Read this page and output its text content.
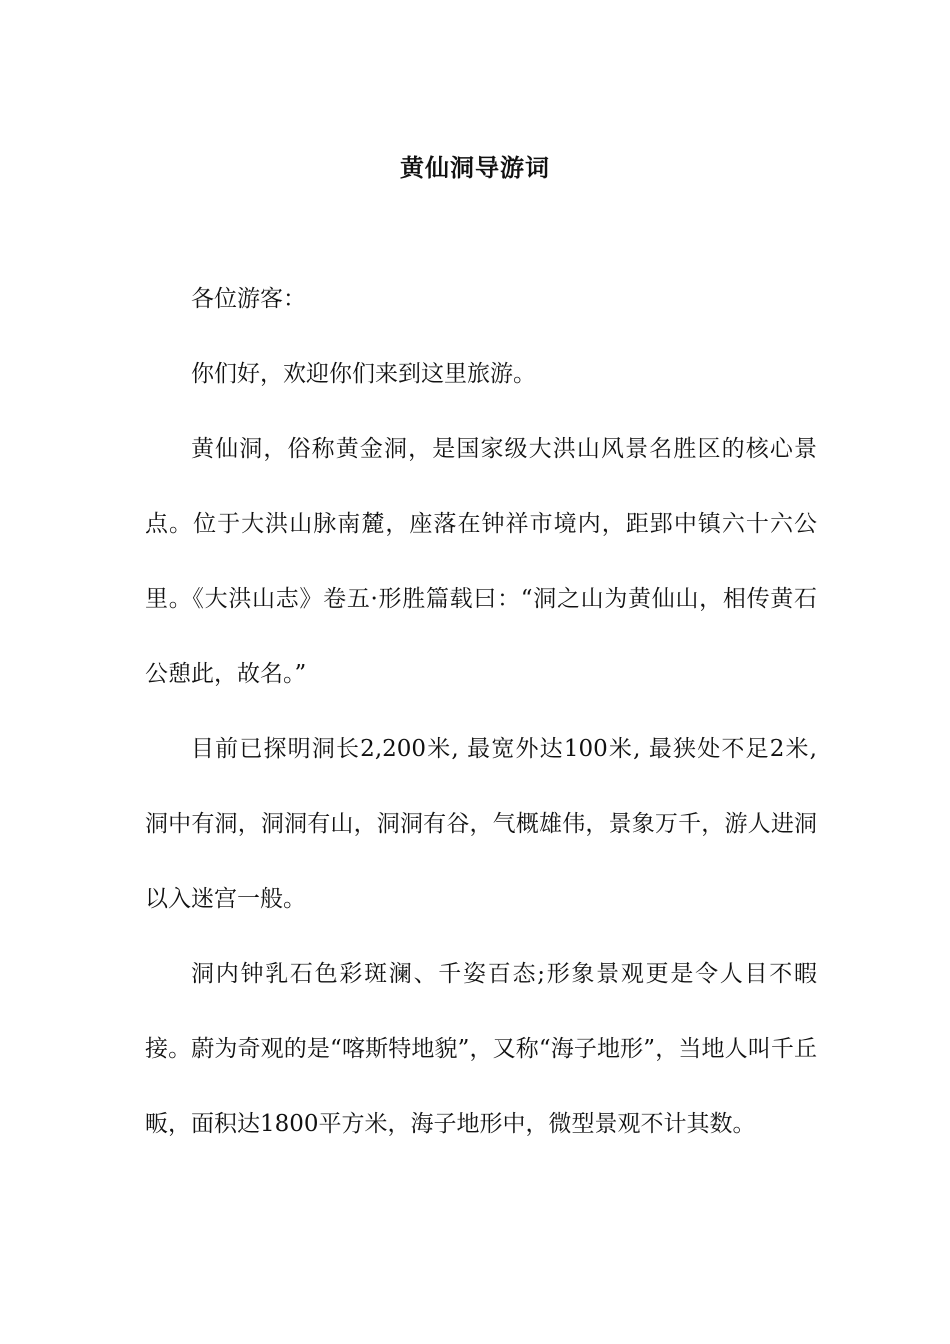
黄仙洞导游词

各位游客：

你们好，欢迎你们来到这里旅游。

黄仙洞，俗称黄金洞，是国家级大洪山风景名胜区的核心景点。位于大洪山脉南麓，座落在钟祥市境内，距郢中镇六十六公里。《大洪山志》卷五·形胜篇载曰：“洞之山为黄仙山，相传黄石公憩此，故名。”

目前已探明洞长2,200米, 最宽外达100米, 最狭处不足2米, 洞中有洞，洞洞有山，洞洞有谷，气概雄伟，景象万千，游人进洞以入迷宫一般。

洞内钟乳石色彩斑澜、千姿百态;形象景观更是令人目不暇接。蔚为奇观的是“喀斯特地貌”，又称“海子地形”，当地人叫千丘畈，面积达1800平方米，海子地形中，微型景观不计其数。
